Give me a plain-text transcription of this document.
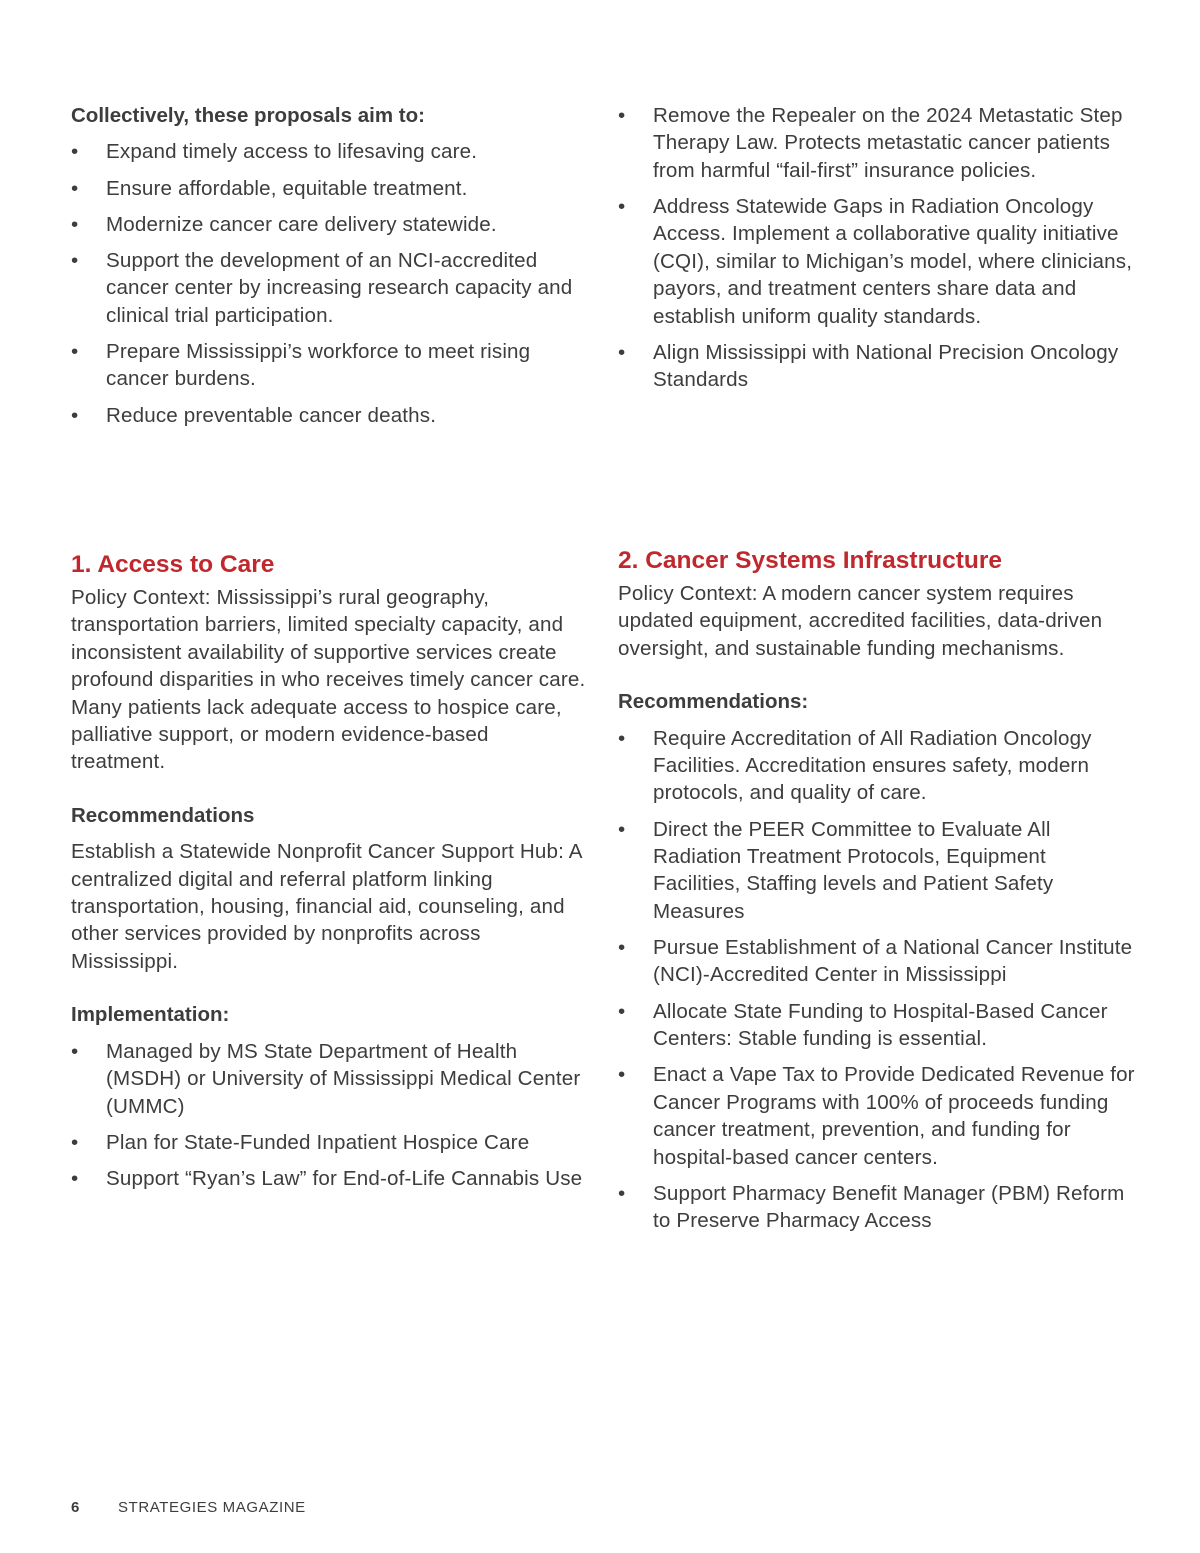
Collectively, these proposals aim to:

• Expand timely access to lifesaving care.
• Ensure affordable, equitable treatment.
• Modernize cancer care delivery statewide.
• Support the development of an NCI-accredited cancer center by increasing research capacity and clinical trial participation.
• Prepare Mississippi’s workforce to meet rising cancer burdens.
• Reduce preventable cancer deaths.
1. Access to Care

Policy Context: Mississippi’s rural geography, transportation barriers, limited specialty capacity, and inconsistent availability of supportive services create profound disparities in who receives timely cancer care. Many patients lack adequate access to hospice care, palliative support, or modern evidence-based treatment.

Recommendations

Establish a Statewide Nonprofit Cancer Support Hub: A centralized digital and referral platform linking transportation, housing, financial aid, counseling, and other services provided by nonprofits across Mississippi.

Implementation:
• Managed by MS State Department of Health (MSDH) or University of Mississippi Medical Center (UMMC)
• Plan for State-Funded Inpatient Hospice Care
• Support “Ryan’s Law” for End-of-Life Cannabis Use
• Remove the Repealer on the 2024 Metastatic Step Therapy Law. Protects metastatic cancer patients from harmful “fail-first” insurance policies.
• Address Statewide Gaps in Radiation Oncology Access. Implement a collaborative quality initiative (CQI), similar to Michigan’s model, where clinicians, payors, and treatment centers share data and establish uniform quality standards.
• Align Mississippi with National Precision Oncology Standards
2. Cancer Systems Infrastructure

Policy Context: A modern cancer system requires updated equipment, accredited facilities, data-driven oversight, and sustainable funding mechanisms.

Recommendations:
• Require Accreditation of All Radiation Oncology Facilities. Accreditation ensures safety, modern protocols, and quality of care.
• Direct the PEER Committee to Evaluate All Radiation Treatment Protocols, Equipment Facilities, Staffing levels and Patient Safety Measures
• Pursue Establishment of a National Cancer Institute (NCI)-Accredited Center in Mississippi
• Allocate State Funding to Hospital-Based Cancer Centers: Stable funding is essential.
• Enact a Vape Tax to Provide Dedicated Revenue for Cancer Programs with 100% of proceeds funding cancer treatment, prevention, and funding for hospital-based cancer centers.
• Support Pharmacy Benefit Manager (PBM) Reform to Preserve Pharmacy Access
6	STRATEGIES MAGAZINE
